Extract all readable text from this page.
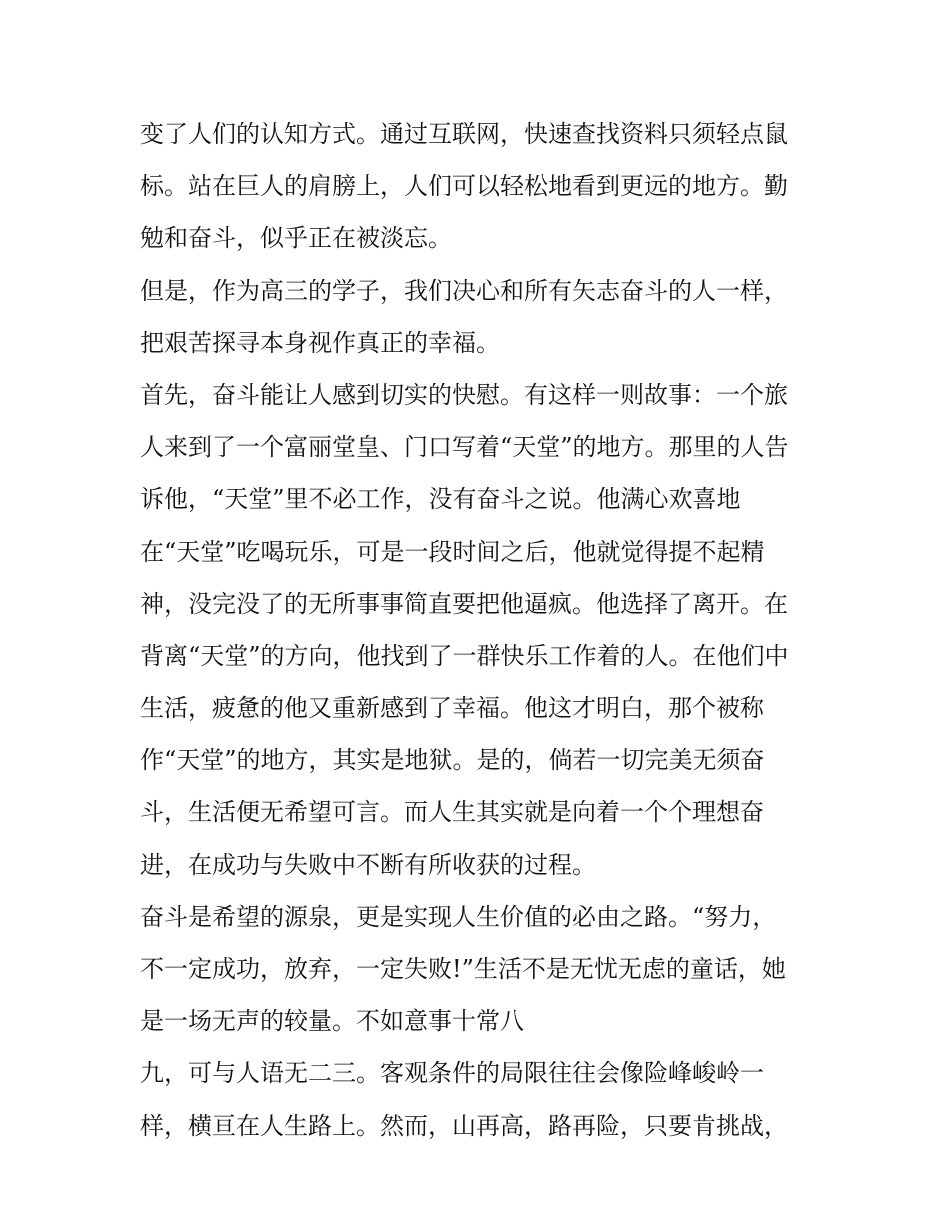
变了人们的认知方式。通过互联网，快速查找资料只须轻点鼠
标。站在巨人的肩膀上，人们可以轻松地看到更远的地方。勤
勉和奋斗，似乎正在被淡忘。
但是，作为高三的学子，我们决心和所有矢志奋斗的人一样，
把艰苦探寻本身视作真正的幸福。
首先，奋斗能让人感到切实的快慰。有这样一则故事：一个旅
人来到了一个富丽堂皇、门口写着“天堂”的地方。那里的人告
诉他，“天堂”里不必工作，没有奋斗之说。他满心欢喜地
在“天堂”吃喝玩乐，可是一段时间之后，他就觉得提不起精
神，没完没了的无所事事简直要把他逼疯。他选择了离开。在
背离“天堂”的方向，他找到了一群快乐工作着的人。在他们中
生活，疲惫的他又重新感到了幸福。他这才明白，那个被称
作“天堂”的地方，其实是地狱。是的，倘若一切完美无须奋
斗，生活便无希望可言。而人生其实就是向着一个个理想奋
进，在成功与失败中不断有所收获的过程。
奋斗是希望的源泉，更是实现人生价值的必由之路。“努力，
不一定成功，放弃，一定失败!”生活不是无忧无虑的童话，她
是一场无声的较量。不如意事十常八
九，可与人语无二三。客观条件的局限往往会像险峰峻岭一
样，横亘在人生路上。然而，山再高，路再险，只要肯挑战，
